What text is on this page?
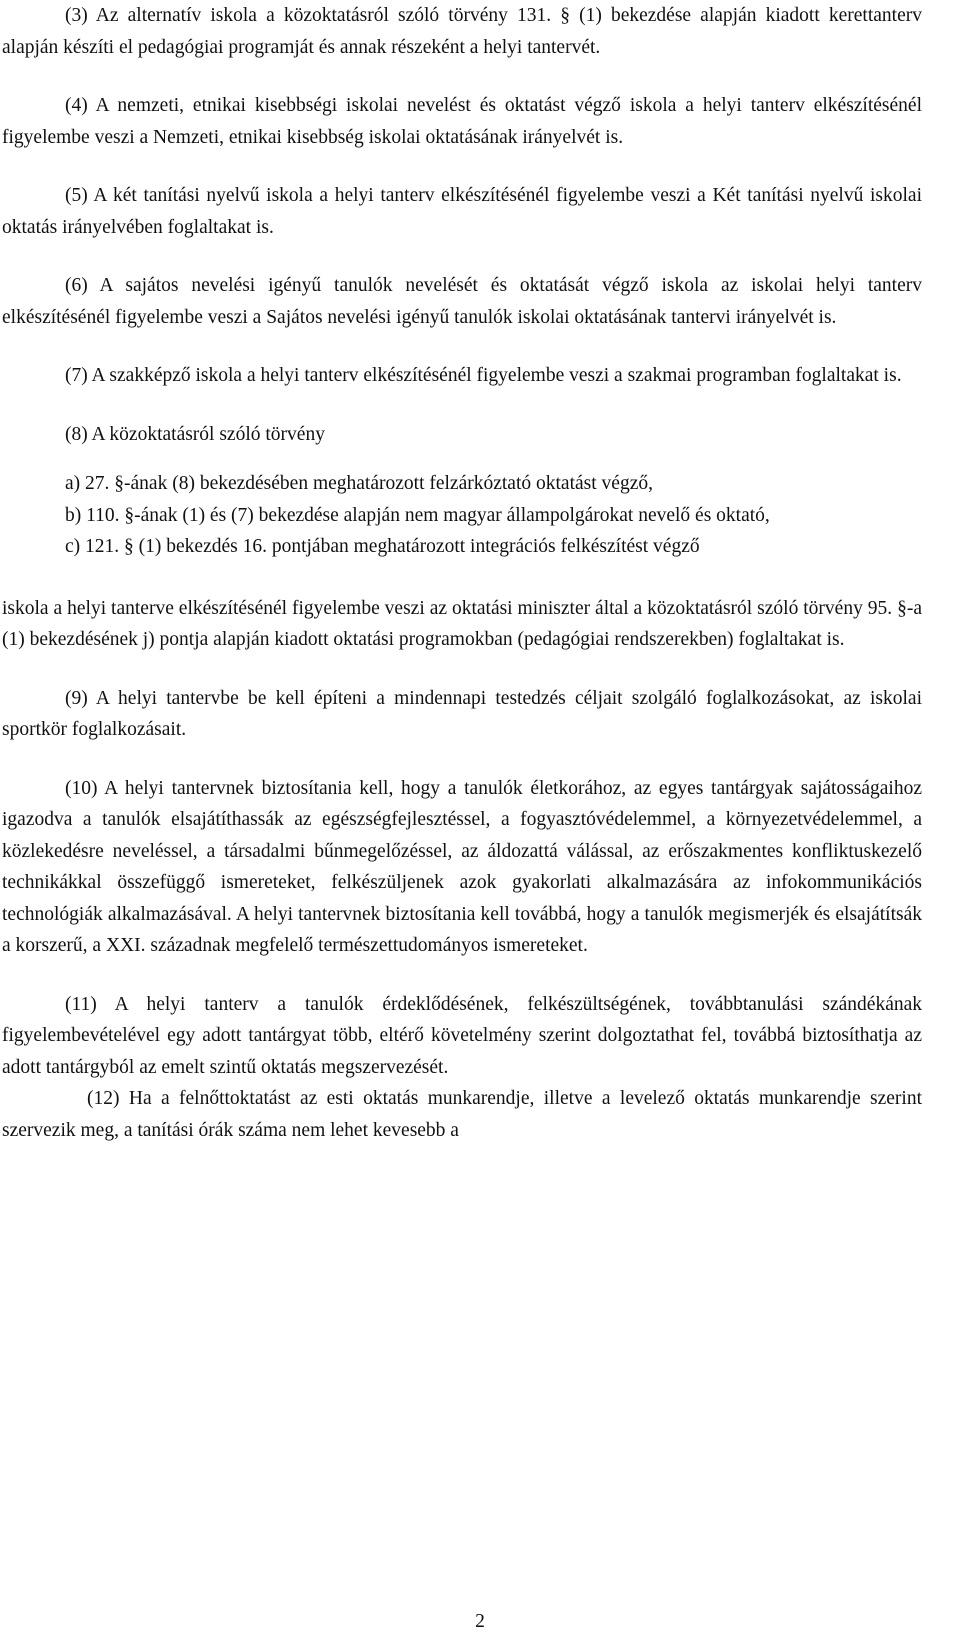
(3) Az alternatív iskola a közoktatásról szóló törvény 131. § (1) bekezdése alapján kiadott kerettanterv alapján készíti el pedagógiai programját és annak részeként a helyi tantervét.

(4) A nemzeti, etnikai kisebbségi iskolai nevelést és oktatást végző iskola a helyi tanterv elkészítésénél figyelembe veszi a Nemzeti, etnikai kisebbség iskolai oktatásának irányelvét is.

(5) A két tanítási nyelvű iskola a helyi tanterv elkészítésénél figyelembe veszi a Két tanítási nyelvű iskolai oktatás irányelvében foglaltakat is.

(6) A sajátos nevelési igényű tanulók nevelését és oktatását végző iskola az iskolai helyi tanterv elkészítésénél figyelembe veszi a Sajátos nevelési igényű tanulók iskolai oktatásának tantervi irányelvét is.

(7) A szakképző iskola a helyi tanterv elkészítésénél figyelembe veszi a szakmai programban foglaltakat is.

(8) A közoktatásról szóló törvény

a) 27. §-ának (8) bekezdésében meghatározott felzárkóztató oktatást végző,

b) 110. §-ának (1) és (7) bekezdése alapján nem magyar állampolgárokat nevelő és oktató,

c) 121. § (1) bekezdés 16. pontjában meghatározott integrációs felkészítést végző

iskola a helyi tanterve elkészítésénél figyelembe veszi az oktatási miniszter által a közoktatásról szóló törvény 95. §-a (1) bekezdésének j) pontja alapján kiadott oktatási programokban (pedagógiai rendszerekben) foglaltakat is.

(9) A helyi tantervbe be kell építeni a mindennapi testedzés céljait szolgáló foglalkozásokat, az iskolai sportkör foglalkozásait.

(10) A helyi tantervnek biztosítania kell, hogy a tanulók életkorához, az egyes tantárgyak sajátosságaihoz igazodva a tanulók elsajátíthassák az egészségfejlesztéssel, a fogyasztóvédelemmel, a környezetvédelemmel, a közlekedésre neveléssel, a társadalmi bűnmegelőzéssel, az áldozattá válással, az erőszakmentes konfliktuskezelő technikákkal összefüggő ismereteket, felkészüljenek azok gyakorlati alkalmazására az infokommunikációs technológiák alkalmazásával. A helyi tantervnek biztosítania kell továbbá, hogy a tanulók megismerjék és elsajátítsák a korszerű, a XXI. századnak megfelelő természettudományos ismereteket.

(11) A helyi tanterv a tanulók érdeklődésének, felkészültségének, továbbtanulási szándékának figyelembevételével egy adott tantárgyat több, eltérő követelmény szerint dolgoztathat fel, továbbá biztosíthatja az adott tantárgyból az emelt szintű oktatás megszervezését.

(12) Ha a felnőttoktatást az esti oktatás munkarendje, illetve a levelező oktatás munkarendje szerint szervezik meg, a tanítási órák száma nem lehet kevesebb a

2
